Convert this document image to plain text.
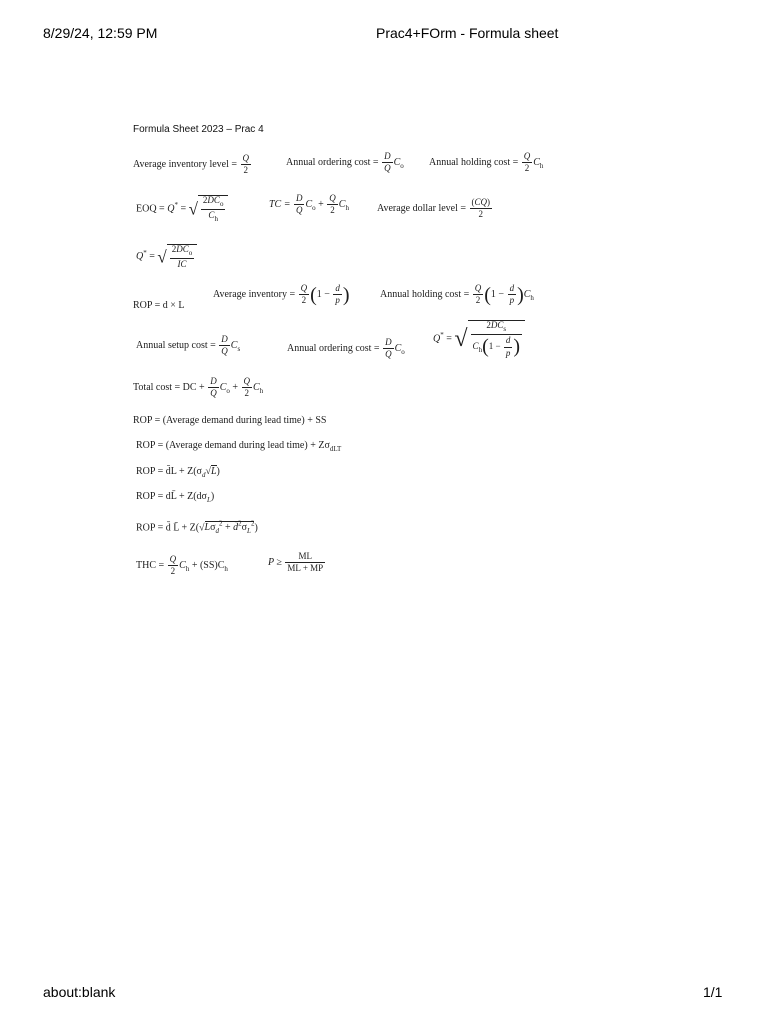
8/29/24, 12:59 PM	Prac4+FOrm - Formula sheet
Formula Sheet 2023 – Prac 4
Average inventory level = $\frac{Q}{2}$	Annual ordering $\cos t = \frac{D}{Q} C_o$	Annual holding $\cos t = \frac{Q}{2} C_h$
EOQ = Q* = √ $\frac{2DC_o}{C_h}$	TC = $\frac{D}{Q} C_o + \frac{Q}{2} C_h$	Average dollar level = $\frac{(CQ)}{2}$
Q* = √ $\frac{2DC_o}{IC}$
Average inventory = $\frac{Q}{2} (1 - \frac{d}{p}$ )	Annual holding $\cos t = \frac{Q}{2} (1 - \frac{d}{p} )C_h$
ROP = d × L
Annual setup $\cos t = \frac{D}{Q} C_s$	Annual ordering $\cos t = \frac{D}{Q} C_o$
Q* = √ $\frac{2DC_s}{C_h(1 - \frac{d}{p} )}$
Total cost = DC + $\frac{D}{Q} C_o + \frac{Q}{2} C_h$
ROP = (Average demand during lead time) + SS
ROP = (Average demand during lead time) + $Z\sigma_{dLT}$
ROP = d̄L + $Z(\sigma_d√L)$
ROP = dL̄ + $Z(d\sigma_L)$
ROP = d̄ L̄ + $Z(√L\sigma_d^2$ + $d̄^2\sigma_L^2$)
THC = $\frac{Q}{2} C_h + (SS)C_h$
$P \ge \frac{ML}{ML + MP}$
about:blank	1/1
